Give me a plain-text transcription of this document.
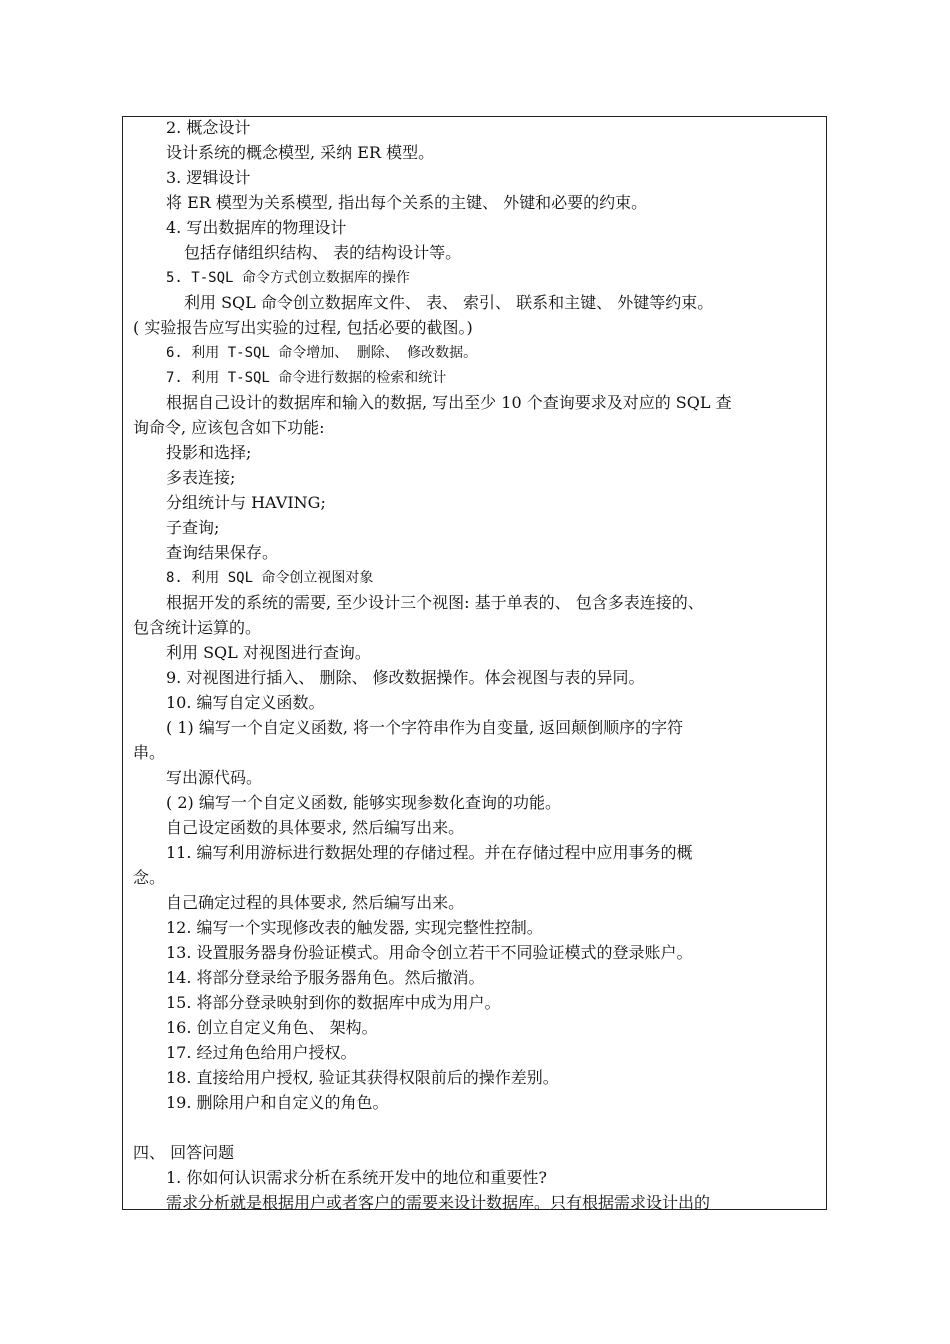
2. 概念设计
设计系统的概念模型, 采纳 ER 模型。
3. 逻辑设计
将 ER 模型为关系模型, 指出每个关系的主键、 外键和必要的约束。
4. 写出数据库的物理设计
包括存储组织结构、 表的结构设计等。
5. T-SQL 命令方式创立数据库的操作
利用 SQL 命令创立数据库文件、 表、 索引、 联系和主键、 外键等约束。
( 实验报告应写出实验的过程, 包括必要的截图。)
6. 利用 T-SQL 命令增加、 删除、 修改数据。
7. 利用 T-SQL 命令进行数据的检索和统计
根据自己设计的数据库和输入的数据, 写出至少 10 个查询要求及对应的 SQL 查
询命令, 应该包含如下功能:
投影和选择;
多表连接;
分组统计与 HAVING;
子查询;
查询结果保存。
8. 利用 SQL 命令创立视图对象
根据开发的系统的需要, 至少设计三个视图: 基于单表的、 包含多表连接的、
包含统计运算的。
利用 SQL 对视图进行查询。
9. 对视图进行插入、 删除、 修改数据操作。体会视图与表的异同。
10. 编写自定义函数。
( 1) 编写一个自定义函数, 将一个字符串作为自变量, 返回颠倒顺序的字符
串。
写出源代码。
( 2) 编写一个自定义函数, 能够实现参数化查询的功能。
自己设定函数的具体要求, 然后编写出来。
11. 编写利用游标进行数据处理的存储过程。并在存储过程中应用事务的概
念。
自己确定过程的具体要求, 然后编写出来。
12. 编写一个实现修改表的触发器, 实现完整性控制。
13. 设置服务器身份验证模式。用命令创立若干不同验证模式的登录账户。
14. 将部分登录给予服务器角色。然后撤消。
15. 将部分登录映射到你的数据库中成为用户。
16. 创立自定义角色、 架构。
17. 经过角色给用户授权。
18. 直接给用户授权, 验证其获得权限前后的操作差别。
19. 删除用户和自定义的角色。
四、 回答问题
1. 你如何认识需求分析在系统开发中的地位和重要性?
需求分析就是根据用户或者客户的需要来设计数据库。只有根据需求设计出的
